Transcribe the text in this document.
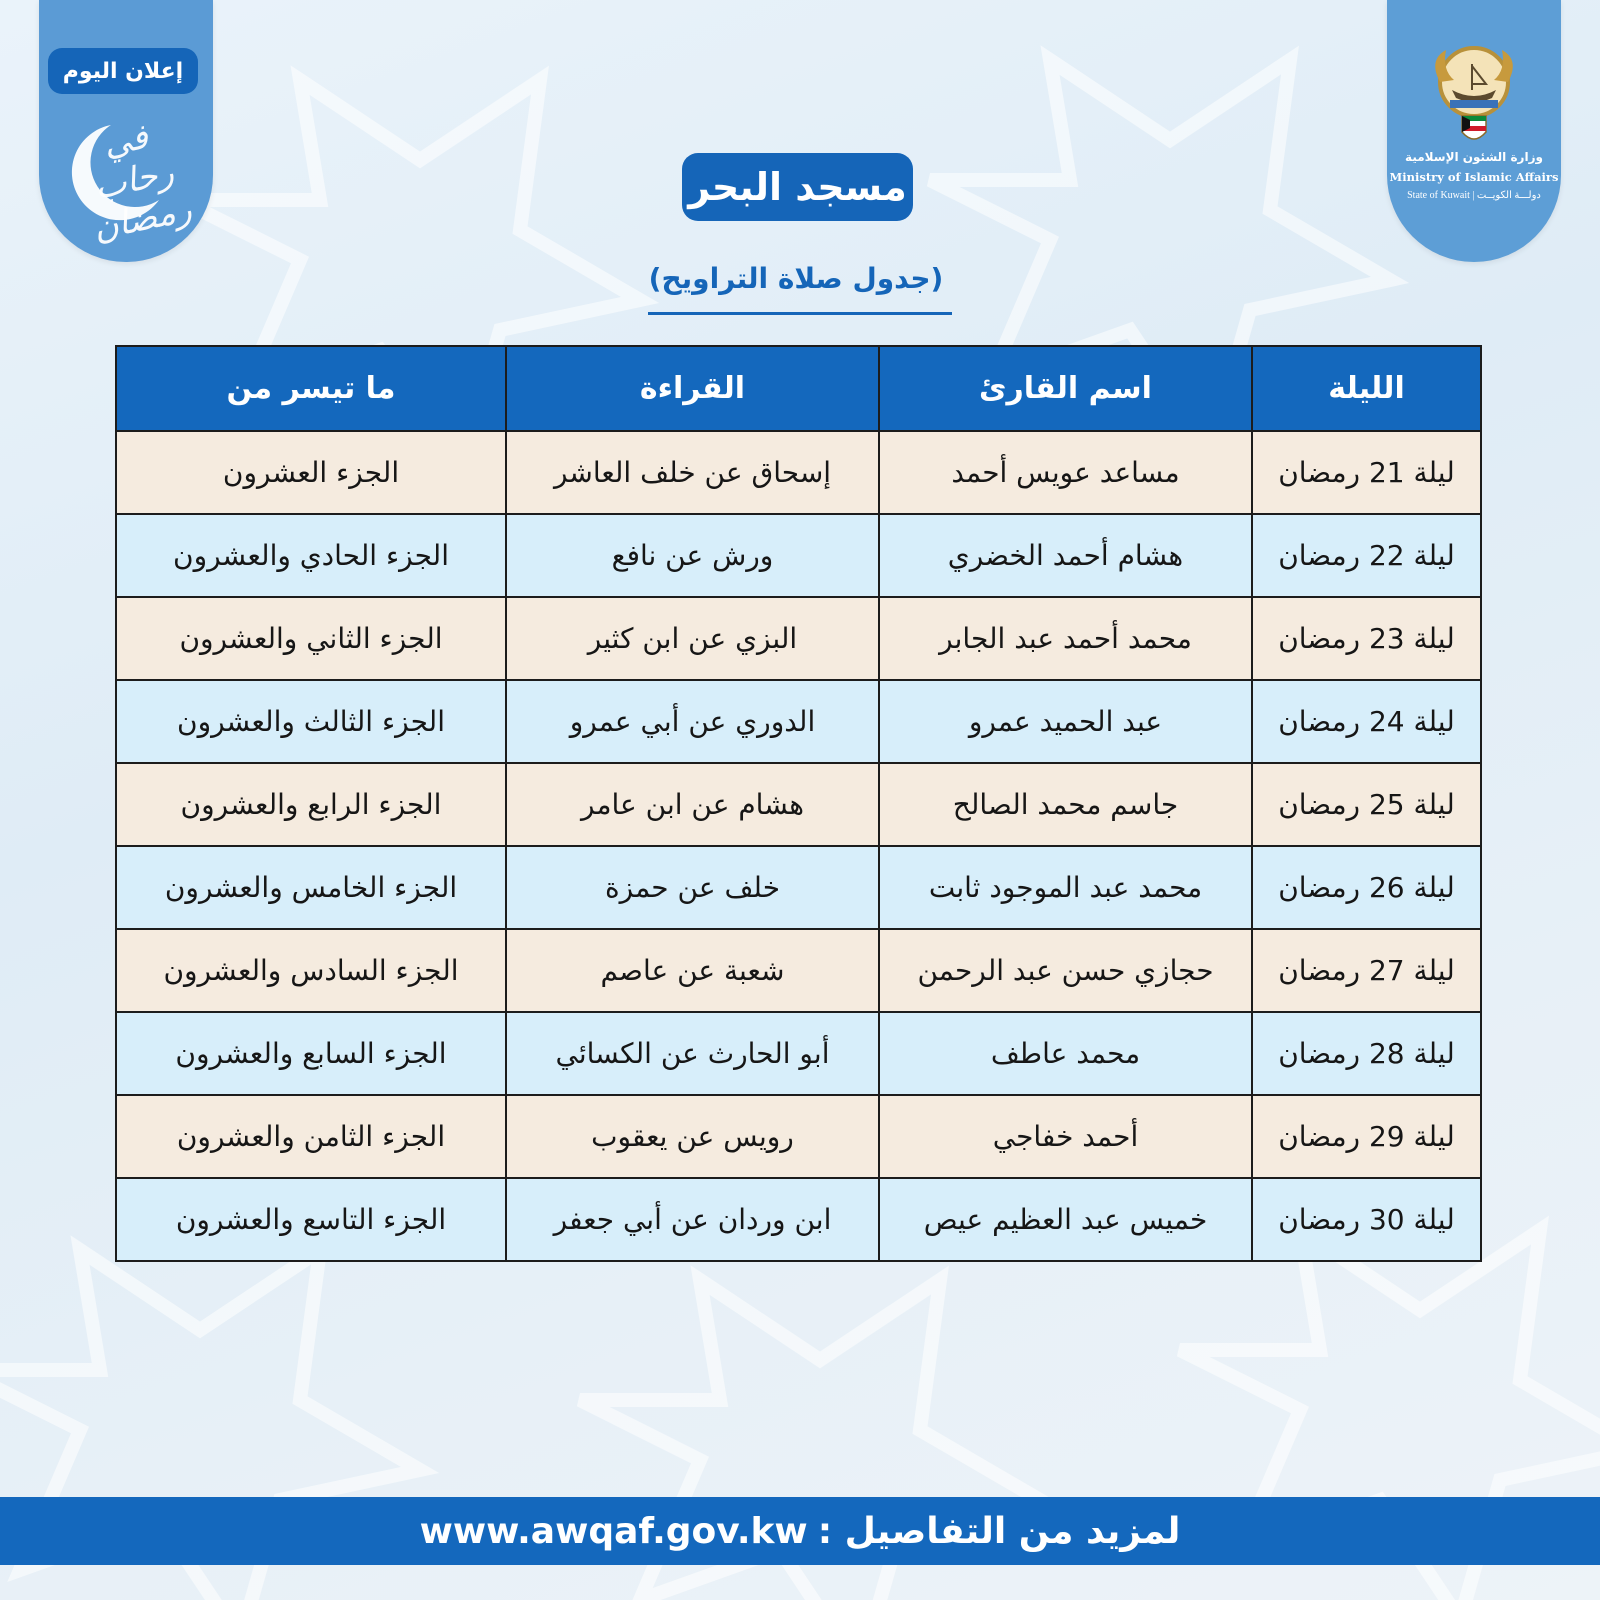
إعلان اليوم
في رحاب رمضان
وزارة الشئون الإسلامية
Ministry of Islamic Affairs
State of Kuwait | دولـــة الكويــت
مسجد البحر
(جدول صلاة التراويح)
الليلة	اسم القارئ	القراءة	ما تيسر من
ليلة 21 رمضان	مساعد عويس أحمد	إسحاق عن خلف العاشر	الجزء العشرون
ليلة 22 رمضان	هشام أحمد الخضري	ورش عن نافع	الجزء الحادي والعشرون
ليلة 23 رمضان	محمد أحمد عبد الجابر	البزي عن ابن كثير	الجزء الثاني والعشرون
ليلة 24 رمضان	عبد الحميد عمرو	الدوري عن أبي عمرو	الجزء الثالث والعشرون
ليلة 25 رمضان	جاسم محمد الصالح	هشام عن ابن عامر	الجزء الرابع والعشرون
ليلة 26 رمضان	محمد عبد الموجود ثابت	خلف عن حمزة	الجزء الخامس والعشرون
ليلة 27 رمضان	حجازي حسن عبد الرحمن	شعبة عن عاصم	الجزء السادس والعشرون
ليلة 28 رمضان	محمد عاطف	أبو الحارث عن الكسائي	الجزء السابع والعشرون
ليلة 29 رمضان	أحمد خفاجي	رويس عن يعقوب	الجزء الثامن والعشرون
ليلة 30 رمضان	خميس عبد العظيم عيص	ابن وردان عن أبي جعفر	الجزء التاسع والعشرون
لمزيد من التفاصيل :
www.awqaf.gov.kw
